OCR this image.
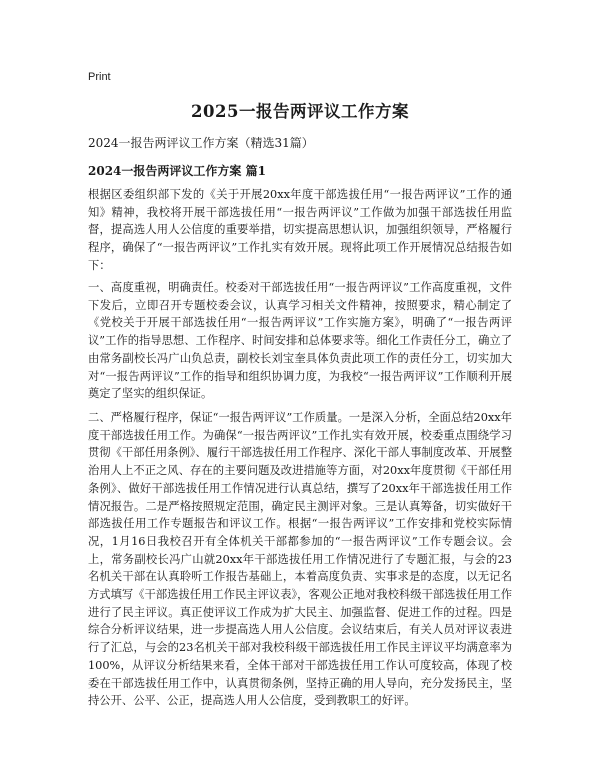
Print
2025一报告两评议工作方案
2024一报告两评议工作方案（精选31篇）
2024一报告两评议工作方案 篇1

根据区委组织部下发的《关于开展20xx年度干部选拔任用“一报告两评议”工作的通知》精神，我校将开展干部选拔任用“一报告两评议”工作做为加强干部选拔任用监督，提高选人用人公信度的重要举措，切实提高思想认识，加强组织领导，严格履行程序，确保了“一报告两评议”工作扎实有效开展。现将此项工作开展情况总结报告如下：

一、高度重视，明确责任。校委对干部选拔任用“一报告两评议”工作高度重视，文件下发后，立即召开专题校委会议，认真学习相关文件精神，按照要求，精心制定了《党校关于开展干部选拔任用“一报告两评议”工作实施方案》，明确了“一报告两评议”工作的指导思想、工作程序、时间安排和总体要求等。细化工作责任分工，确立了由常务副校长冯广山负总责，副校长刘宝奎具体负责此项工作的责任分工，切实加大对“一报告两评议”工作的指导和组织协调力度，为我校“一报告两评议”工作顺利开展奠定了坚实的组织保证。

二、严格履行程序，保证“一报告两评议”工作质量。一是深入分析，全面总结20xx年度干部选拔任用工作。为确保“一报告两评议”工作扎实有效开展，校委重点围绕学习贯彻《干部任用条例》、履行干部选拔任用工作程序、深化干部人事制度改革、开展整治用人上不正之风、存在的主要问题及改进措施等方面，对20xx年度贯彻《干部任用条例》、做好干部选拔任用工作情况进行认真总结，撰写了20xx年干部选拔任用工作情况报告。二是严格按照规定范围，确定民主测评对象。三是认真筹备，切实做好干部选拔任用工作专题报告和评议工作。根据“一报告两评议”工作安排和党校实际情况，1月16日我校召开有全体机关干部都参加的“一报告两评议”工作专题会议。会上，常务副校长冯广山就20xx年干部选拔任用工作情况进行了专题汇报，与会的23名机关干部在认真聆听工作报告基础上，本着高度负责、实事求是的态度，以无记名方式填写《干部选拔任用工作民主评议表》，客观公正地对我校科级干部选拔任用工作进行了民主评议。真正使评议工作成为扩大民主、加强监督、促进工作的过程。四是综合分析评议结果，进一步提高选人用人公信度。会议结束后，有关人员对评议表进行了汇总，与会的23名机关干部对我校科级干部选拔任用工作民主评议平均满意率为100%，从评议分析结果来看，全体干部对干部选拔任用工作认可度较高，体现了校委在干部选拔任用工作中，认真贯彻条例，坚持正确的用人导向，充分发扬民主，坚持公开、公平、公正，提高选人用人公信度，受到教职工的好评。
